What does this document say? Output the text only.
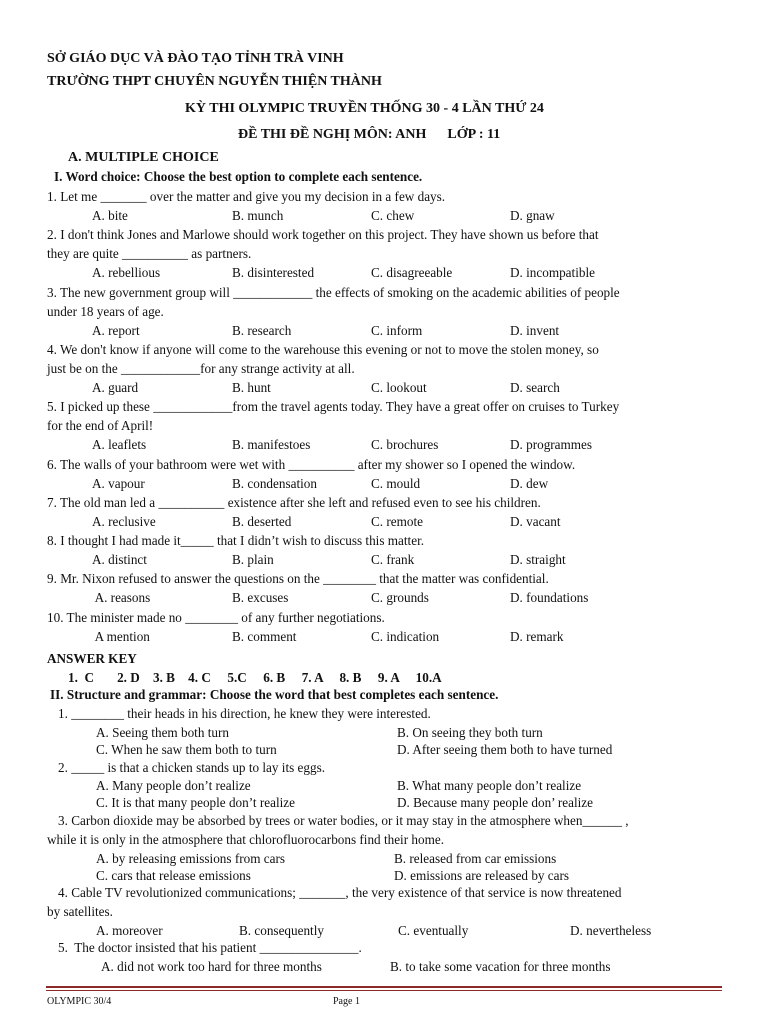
SỞ GIÁO DỤC VÀ ĐÀO TẠO TỈNH TRÀ VINH
TRƯỜNG THPT CHUYÊN NGUYỄN THIỆN THÀNH
KỲ THI OLYMPIC TRUYỀN THỐNG 30 - 4 LẦN THỨ 24
ĐỀ THI ĐỀ NGHỊ MÔN: ANH      LỚP : 11
A. MULTIPLE CHOICE
I. Word choice: Choose the best option to complete each sentence.
1. Let me _______ over the matter and give you my decision in a few days.
A. bite	B. munch	C. chew	D. gnaw
2. I don't think Jones and Marlowe should work together on this project. They have shown us before that
they are quite __________ as partners.
A. rebellious	B. disinterested	C. disagreeable	D. incompatible
3. The new government group will ____________ the effects of smoking on the academic abilities of people
under 18 years of age.
A. report	B. research	C. inform	D. invent
4. We don't know if anyone will come to the warehouse this evening or not to move the stolen money, so
just be on the ____________for any strange activity at all.
A. guard	B. hunt	C. lookout	D. search
5. I picked up these ____________from the travel agents today. They have a great offer on cruises to Turkey
for the end of April!
A. leaflets	B. manifestoes	C. brochures	D. programmes
6. The walls of your bathroom were wet with __________ after my shower so I opened the window.
A. vapour	B. condensation	C. mould	D. dew
7. The old man led a __________ existence after she left and refused even to see his children.
A. reclusive	B. deserted	C. remote	D. vacant
8. I thought I had made it_____ that I didn’t wish to discuss this matter.
A. distinct	B. plain	C. frank	D. straight
9. Mr. Nixon refused to answer the questions on the ________ that the matter was confidential.
A. reasons	B. excuses	C. grounds	D. foundations
10. The minister made no ________ of any further negotiations.
A mention	B. comment	C. indication	D. remark
ANSWER KEY
1.  C       2. D    3. B    4. C     5.C     6. B     7. A     8. B     9. A     10.A
II. Structure and grammar: Choose the word that best completes each sentence.
1. ________ their heads in his direction, he knew they were interested.
A. Seeing them both turn	B. On seeing they both turn
C. When he saw them both to turn	D. After seeing them both to have turned
2. _____ is that a chicken stands up to lay its eggs.
A. Many people don’t realize	B. What many people don’t realize
C. It is that many people don’t realize	D. Because many people don’ realize
3. Carbon dioxide may be absorbed by trees or water bodies, or it may stay in the atmosphere when______ ,
while it is only in the atmosphere that chlorofluorocarbons find their home.
A. by releasing emissions from cars	B. released from car emissions
C. cars that release emissions	D. emissions are released by cars
4. Cable TV revolutionized communications; _______, the very existence of that service is now threatened
by satellites.
A. moreover	B. consequently	C. eventually	D. nevertheless
5.  The doctor insisted that his patient _______________.
A. did not work too hard for three months	B. to take some vacation for three months
OLYMPIC 30/4	Page 1
